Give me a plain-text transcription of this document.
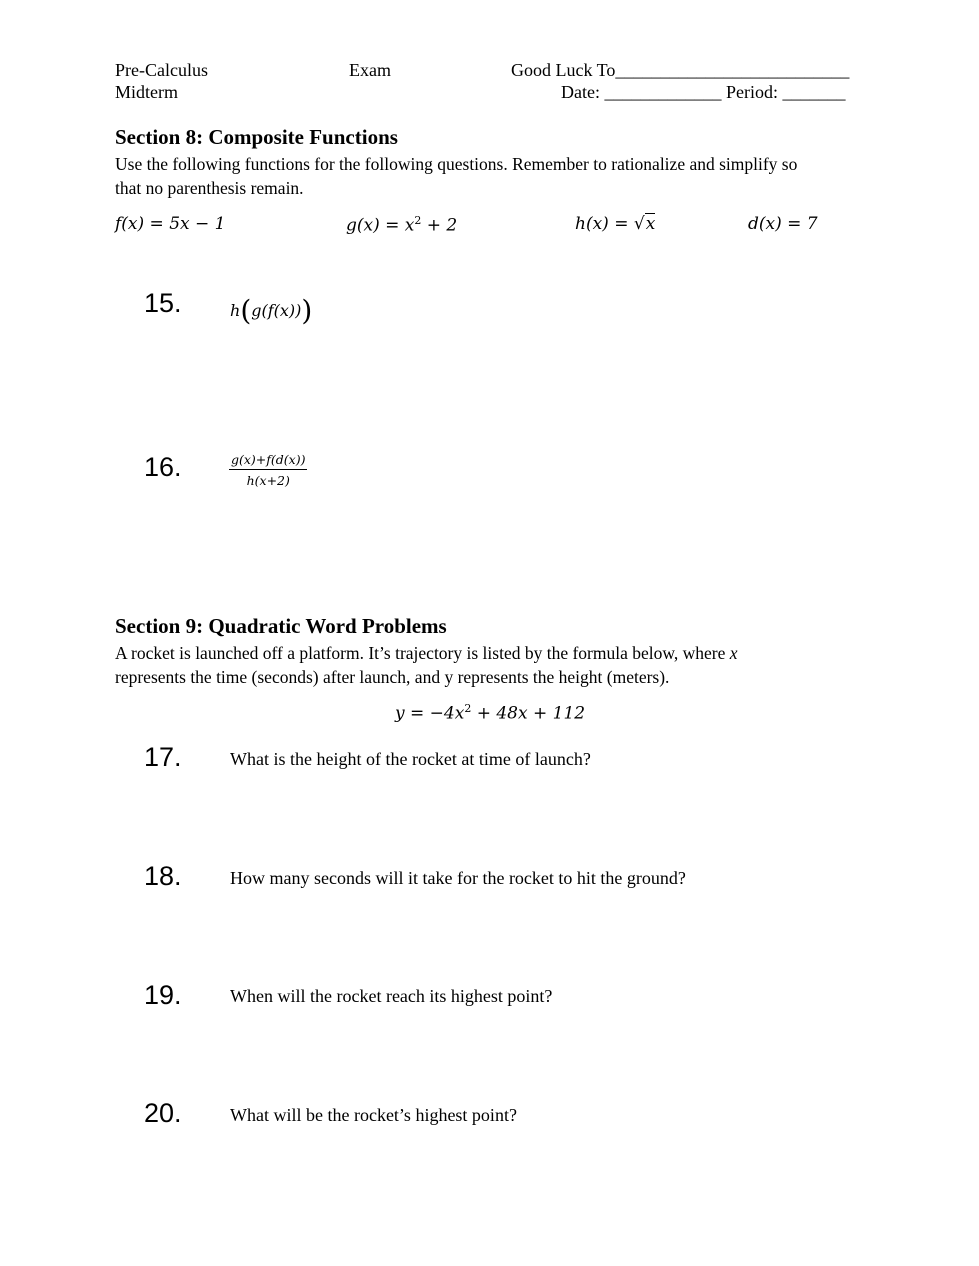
Pre-Calculus	Exam	Good Luck To__________________________
Midterm	Date: _____________ Period: _______
Section 8: Composite Functions
Use the following functions for the following questions. Remember to rationalize and simplify so
that no parenthesis remain.
f(x) = 5x − 1	$g(x) = x^2 + 2$	h(x) = √x	d(x) = 7
15.	h(g(f(x)))
16.	$\frac{g(x)+f(d(x))}{h(x+2)}$
Section 9: Quadratic Word Problems
A rocket is launched off a platform. It’s trajectory is listed by the formula below, where x
represents the time (seconds) after launch, and y represents the height (meters).
$y = -4x^2 + 48x + 112$
17.	What is the height of the rocket at time of launch?
18.	How many seconds will it take for the rocket to hit the ground?
19.	When will the rocket reach its highest point?
20.	What will be the rocket’s highest point?
